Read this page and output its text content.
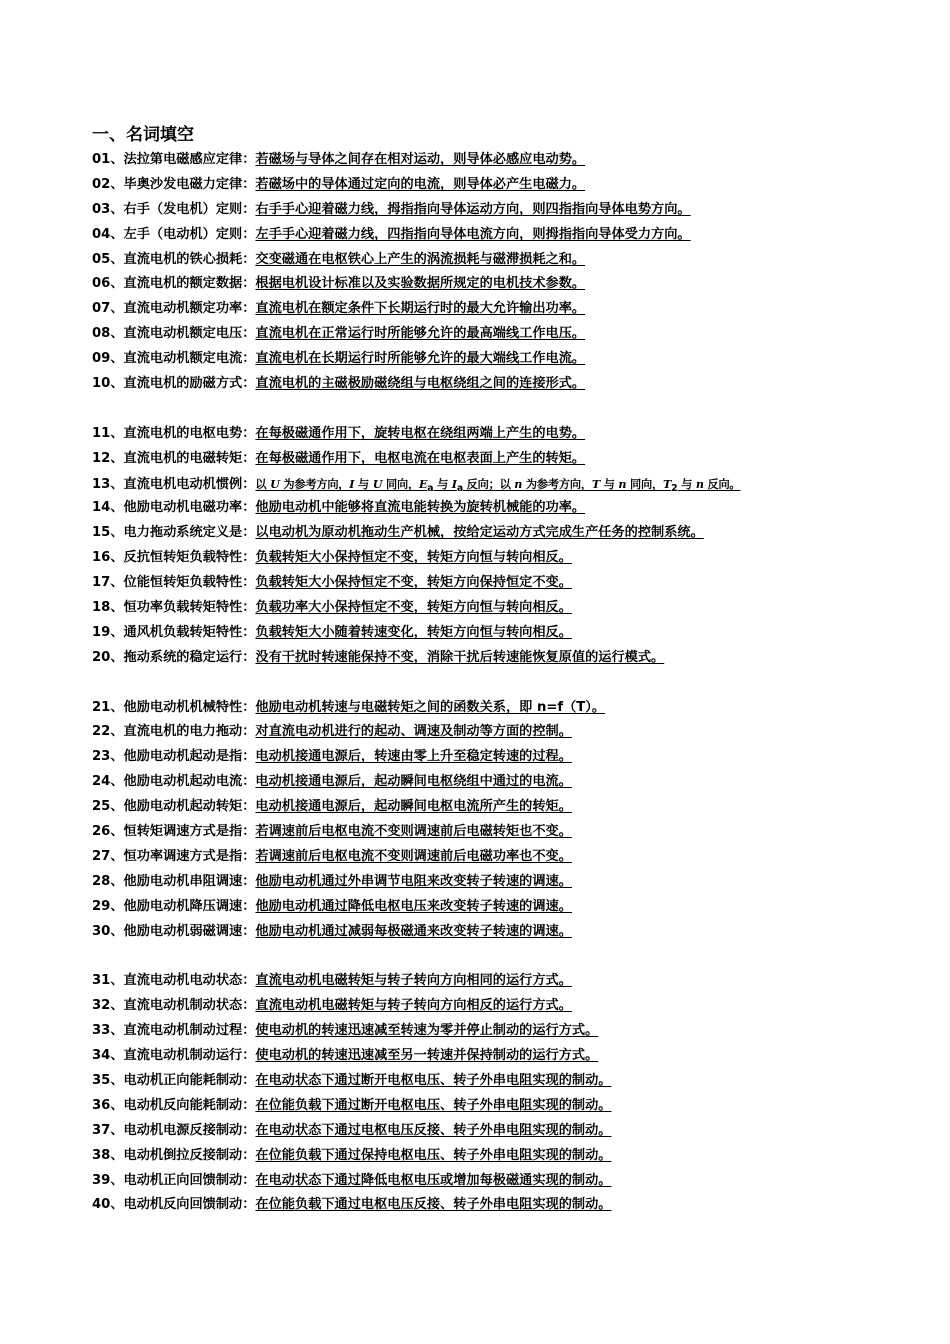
一、名词填空
01、法拉第电磁感应定律：若磁场与导体之间存在相对运动，则导体必感应电动势。
02、毕奥沙发电磁力定律：若磁场中的导体通过定向的电流，则导体必产生电磁力。
03、右手（发电机）定则：右手手心迎着磁力线，拇指指向导体运动方向，则四指指向导体电势方向。
04、左手（电动机）定则：左手手心迎着磁力线，四指指向导体电流方向，则拇指指向导体受力方向。
05、直流电机的铁心损耗：交变磁通在电枢铁心上产生的涡流损耗与磁滞损耗之和。
06、直流电机的额定数据：根据电机设计标准以及实验数据所规定的电机技术参数。
07、直流电动机额定功率：直流电机在额定条件下长期运行时的最大允许输出功率。
08、直流电动机额定电压：直流电机在正常运行时所能够允许的最高端线工作电压。
09、直流电动机额定电流：直流电机在长期运行时所能够允许的最大端线工作电流。
10、直流电机的励磁方式：直流电机的主磁极励磁绕组与电枢绕组之间的连接形式。
11、直流电机的电枢电势：在每极磁通作用下，旋转电枢在绕组两端上产生的电势。
12、直流电机的电磁转矩：在每极磁通作用下，电枢电流在电枢表面上产生的转矩。
13、直流电机电动机惯例：以 U 为参考方向，I 与 U 同向，$E_a$ 与 $I_a$ 反向；以 n 为参考方向，T 与 n 同向，$T_2$ 与 n 反向。
14、他励电动机电磁功率：他励电动机中能够将直流电能转换为旋转机械能的功率。
15、电力拖动系统定义是：以电动机为原动机拖动生产机械，按给定运动方式完成生产任务的控制系统。
16、反抗恒转矩负载特性：负载转矩大小保持恒定不变，转矩方向恒与转向相反。
17、位能恒转矩负载特性：负载转矩大小保持恒定不变，转矩方向保持恒定不变。
18、恒功率负载转矩特性：负载功率大小保持恒定不变，转矩方向恒与转向相反。
19、通风机负载转矩特性：负载转矩大小随着转速变化，转矩方向恒与转向相反。
20、拖动系统的稳定运行：没有干扰时转速能保持不变，消除干扰后转速能恢复原值的运行模式。
21、他励电动机机械特性：他励电动机转速与电磁转矩之间的函数关系，即 n=f（T）。
22、直流电机的电力拖动：对直流电动机进行的起动、调速及制动等方面的控制。
23、他励电动机起动是指：电动机接通电源后，转速由零上升至稳定转速的过程。
24、他励电动机起动电流：电动机接通电源后，起动瞬间电枢绕组中通过的电流。
25、他励电动机起动转矩：电动机接通电源后，起动瞬间电枢电流所产生的转矩。
26、恒转矩调速方式是指：若调速前后电枢电流不变则调速前后电磁转矩也不变。
27、恒功率调速方式是指：若调速前后电枢电流不变则调速前后电磁功率也不变。
28、他励电动机串阻调速：他励电动机通过外串调节电阻来改变转子转速的调速。
29、他励电动机降压调速：他励电动机通过降低电枢电压来改变转子转速的调速。
30、他励电动机弱磁调速：他励电动机通过减弱每极磁通来改变转子转速的调速。
31、直流电动机电动状态：直流电动机电磁转矩与转子转向方向相同的运行方式。
32、直流电动机制动状态：直流电动机电磁转矩与转子转向方向相反的运行方式。
33、直流电动机制动过程：使电动机的转速迅速减至转速为零并停止制动的运行方式。
34、直流电动机制动运行：使电动机的转速迅速减至另一转速并保持制动的运行方式。
35、电动机正向能耗制动：在电动状态下通过断开电枢电压、转子外串电阻实现的制动。
36、电动机反向能耗制动：在位能负载下通过断开电枢电压、转子外串电阻实现的制动。
37、电动机电源反接制动：在电动状态下通过电枢电压反接、转子外串电阻实现的制动。
38、电动机倒拉反接制动：在位能负载下通过保持电枢电压、转子外串电阻实现的制动。
39、电动机正向回馈制动：在电动状态下通过降低电枢电压或增加每极磁通实现的制动。
40、电动机反向回馈制动：在位能负载下通过电枢电压反接、转子外串电阻实现的制动。
